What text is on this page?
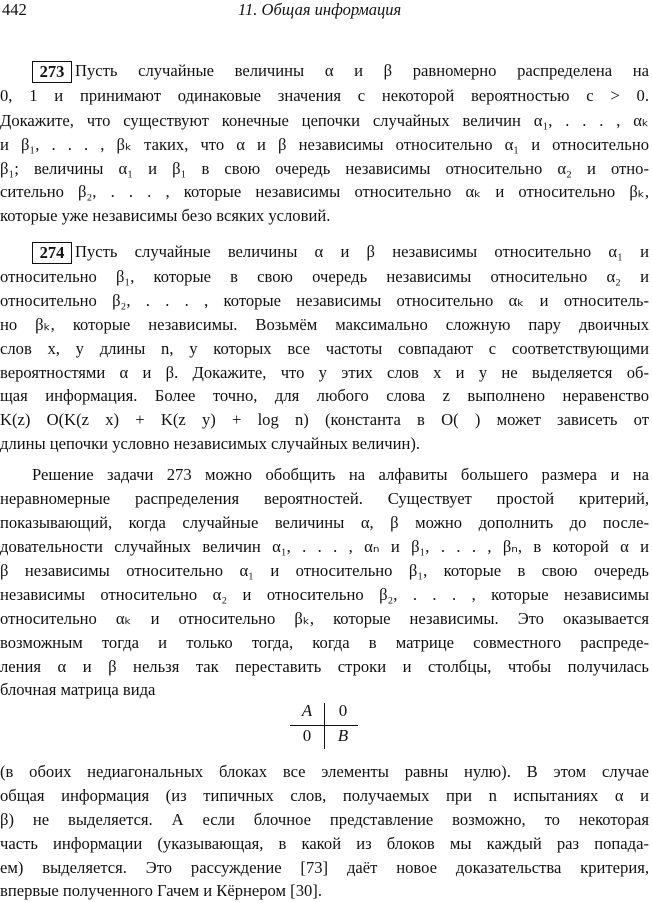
442	11. Общая информация
273 Пусть случайные величины α и β равномерно распределена на
0, 1 и принимают одинаковые значения с некоторой вероятностью c > 0.
Докажите, что существуют конечные цепочки случайных величин α₁, . . . , αₖ
и β₁, . . . , βₖ таких, что α и β независимы относительно α₁ и относительно
β₁; величины α₁ и β₁ в свою очередь независимы относительно α₂ и отно-
сительно β₂, . . . , которые независимы относительно αₖ и относительно βₖ,
которые уже независимы безо всяких условий.
274 Пусть случайные величины α и β независимы относительно α₁ и
относительно β₁, которые в свою очередь независимы относительно α₂ и
относительно β₂, . . . , которые независимы относительно αₖ и относитель-
но βₖ, которые независимы. Возьмём максимально сложную пару двоичных
слов x, y длины n, у которых все частоты совпадают с соответствующими
вероятностями α и β. Докажите, что у этих слов x и y не выделяется об-
щая информация. Более точно, для любого слова z выполнено неравенство
K(z) O(K(z x) + K(z y) + log n) (константа в O( ) может зависеть от
длины цепочки условно независимых случайных величин).
Решение задачи 273 можно обобщить на алфавиты большего размера и на
неравномерные распределения вероятностей. Существует простой критерий,
показывающий, когда случайные величины α, β можно дополнить до после-
довательности случайных величин α₁, . . . , αₙ и β₁, . . . , βₙ, в которой α и
β независимы относительно α₁ и относительно β₁, которые в свою очередь
независимы относительно α₂ и относительно β₂, . . . , которые независимы
относительно αₖ и относительно βₖ, которые независимы. Это оказывается
возможным тогда и только тогда, когда в матрице совместного распреде-
ления α и β нельзя так переставить строки и столбцы, чтобы получилась
блочная матрица вида
(в обоих недиагональных блоках все элементы равны нулю). В этом случае
общая информация (из типичных слов, получаемых при n испытаниях α и
β) не выделяется. А если блочное представление возможно, то некоторая
часть информации (указывающая, в какой из блоков мы каждый раз попада-
ем) выделяется. Это рассуждение [73] даёт новое доказательства критерия,
впервые полученного Гачем и Кёрнером [30].
A	0
0	B
